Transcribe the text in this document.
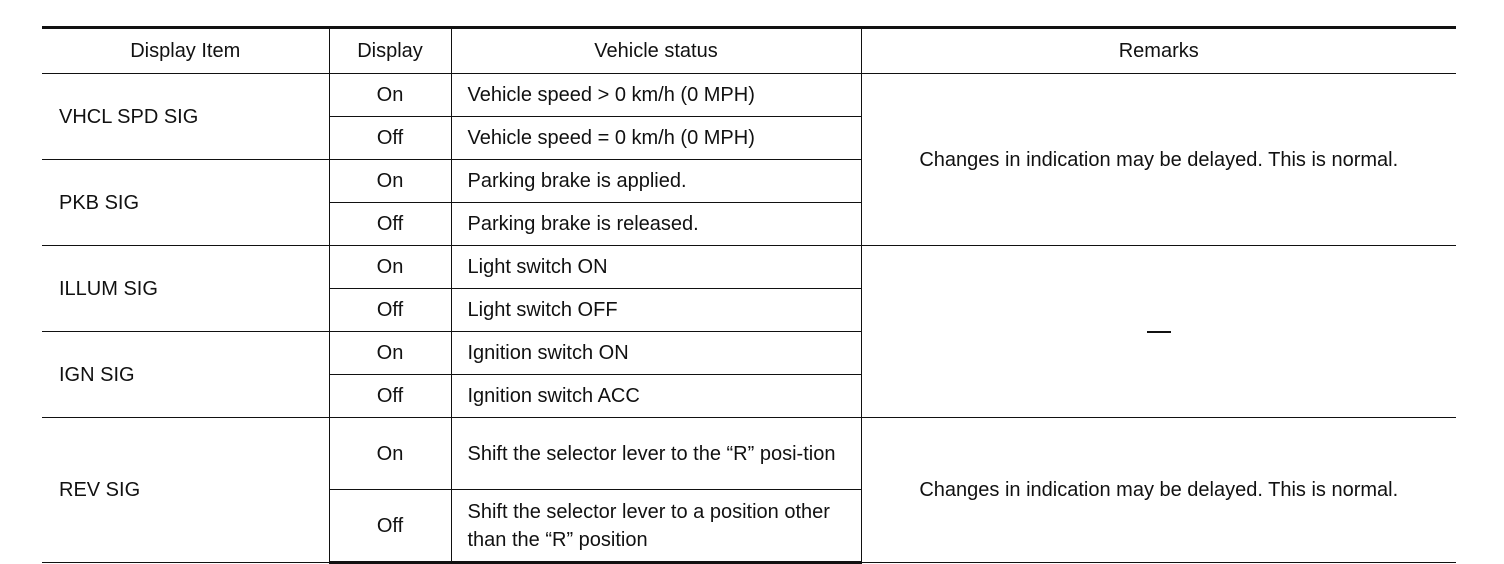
Display Item	Display	Vehicle status	Remarks
VHCL SPD SIG	On	Vehicle speed > 0 km/h (0 MPH)	Changes in indication may be delayed. This is normal.
	Off	Vehicle speed = 0 km/h (0 MPH)	
PKB SIG	On	Parking brake is applied.	
	Off	Parking brake is released.	
ILLUM SIG	On	Light switch ON	
	Off	Light switch OFF	
IGN SIG	On	Ignition switch ON	
	Off	Ignition switch ACC	
REV SIG	On	Shift the selector lever to the “R” posi-tion	Changes in indication may be delayed. This is normal.
	Off	Shift the selector lever to a position other than the “R” position	
